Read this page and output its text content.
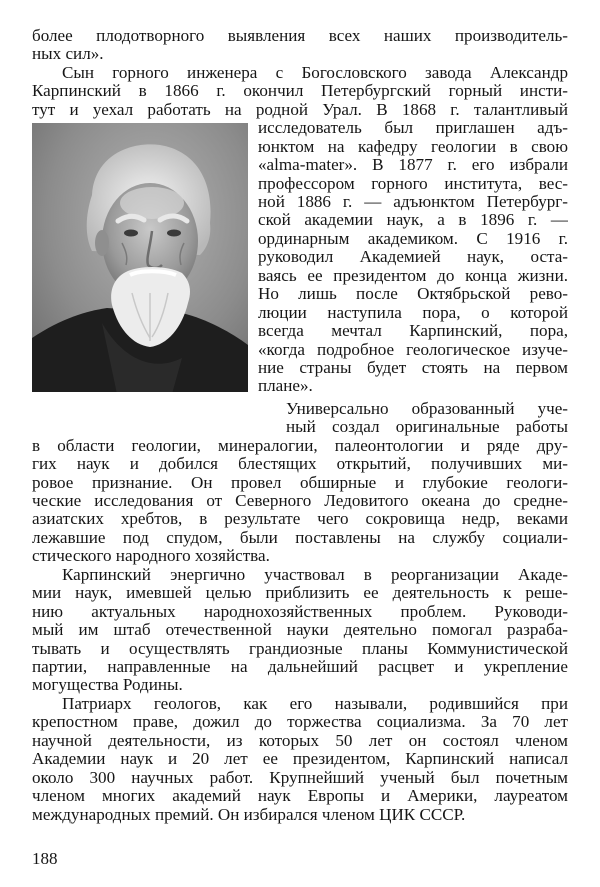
более плодотворного выявления всех наших производитель-
ных сил».
Сын горного инженера с Богословского завода Александр
Карпинский в 1866 г. окончил Петербургский горный инсти-
тут и уехал работать на родной Урал. В 1868 г. талантливый
исследователь был приглашен адъ-
юнктом на кафедру геологии в свою
«alma-mater». В 1877 г. его избрали
профессором горного института, вес-
ной 1886 г. — адъюнктом Петербург-
ской академии наук, а в 1896 г. —
ординарным академиком. С 1916 г.
руководил Академией наук, оста-
ваясь ее президентом до конца жизни.
Но лишь после Октябрьской рево-
люции наступила пора, о которой
всегда мечтал Карпинский, пора,
«когда подробное геологическое изуче-
ние страны будет стоять на первом
плане».
Универсально образованный уче-
ный создал оригинальные работы
в области геологии, минералогии, палеонтологии и ряде дру-
гих наук и добился блестящих открытий, получивших ми-
ровое признание. Он провел обширные и глубокие геологи-
ческие исследования от Северного Ледовитого океана до средне-
азиатских хребтов, в результате чего сокровища недр, веками
лежавшие под спудом, были поставлены на службу социали-
стического народного хозяйства.
Карпинский энергично участвовал в реорганизации Акаде-
мии наук, имевшей целью приблизить ее деятельность к реше-
нию актуальных народнохозяйственных проблем. Руководи-
мый им штаб отечественной науки деятельно помогал разраба-
тывать и осуществлять грандиозные планы Коммунистической
партии, направленные на дальнейший расцвет и укрепление
могущества Родины.
Патриарх геологов, как его называли, родившийся при
крепостном праве, дожил до торжества социализма. За 70 лет
научной деятельности, из которых 50 лет он состоял членом
Академии наук и 20 лет ее президентом, Карпинский написал
около 300 научных работ. Крупнейший ученый был почетным
членом многих академий наук Европы и Америки, лауреатом
международных премий. Он избирался членом ЦИК СССР.
188
